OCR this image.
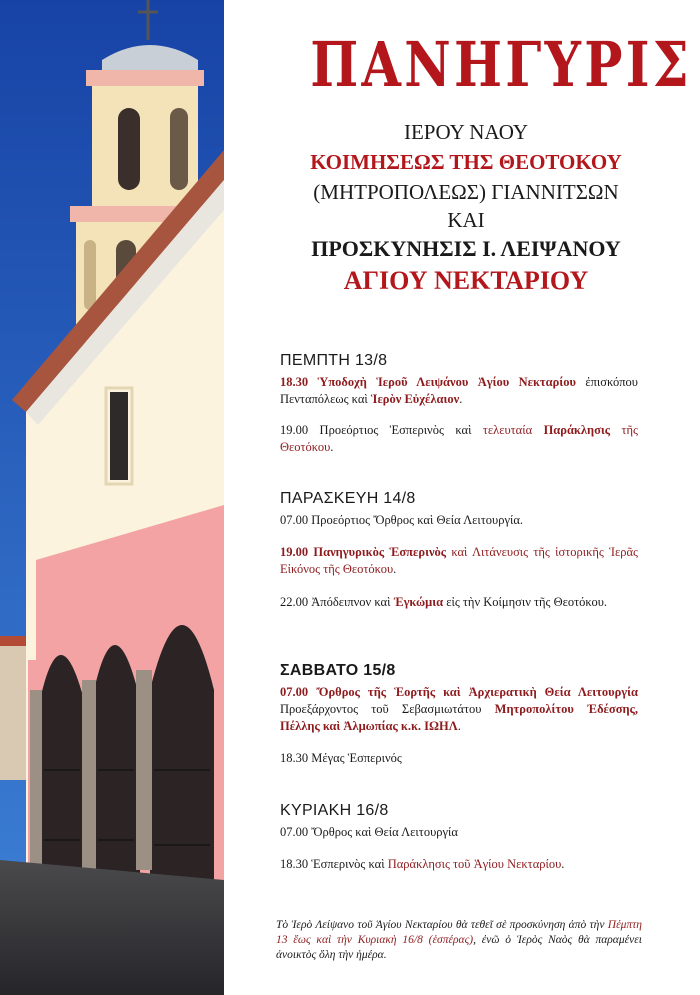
ΠΑΝΗΓΥΡΙΣ
ΙΕΡΟΥ ΝΑΟΥ
ΚΟΙΜΗΣΕΩΣ ΤΗΣ ΘΕΟΤΟΚΟΥ
(ΜΗΤΡΟΠΟΛΕΩΣ) ΓΙΑΝΝΙΤΣΩΝ
ΚΑΙ
ΠΡΟΣΚΥΝΗΣΙΣ Ι. ΛΕΙΨΑΝΟΥ
ΑΓΙΟΥ ΝΕΚΤΑΡΙΟΥ
ΠΕΜΠΤΗ 13/8
18.30 Ὑποδοχὴ Ἱεροῦ Λειψάνου Ἁγίου Νεκταρίου ἐπισκόπου Πενταπόλεως καὶ Ἱερὸν Εὐχέλαιον.
19.00 Προεόρτιος Ἑσπερινὸς καὶ τελευταία Παράκλησις τῆς Θεοτόκου.
ΠΑΡΑΣΚΕΥΗ 14/8
07.00 Προεόρτιος Ὄρθρος καὶ Θεία Λειτουργία.
19.00 Πανηγυρικὸς Ἑσπερινὸς καὶ Λιτάνευσις τῆς ἱστορικῆς Ἱερᾶς Εἰκόνος τῆς Θεοτόκου.
22.00 Ἀπόδειπνον καὶ Ἐγκώμια εἰς τὴν Κοίμησιν τῆς Θεοτόκου.
ΣΑΒΒΑΤΟ 15/8
07.00 Ὄρθρος τῆς Ἑορτῆς καὶ Ἀρχιερατικὴ Θεία Λειτουργία Προεξάρχοντος τοῦ Σεβασμιωτάτου Μητροπολίτου Ἐδέσσης, Πέλλης καὶ Ἀλμωπίας κ.κ. ΙΩΗΛ.
18.30 Μέγας Ἑσπερινός
ΚΥΡΙΑΚΗ 16/8
07.00 Ὄρθρος καὶ Θεία Λειτουργία
18.30 Ἑσπερινὸς καὶ Παράκλησις τοῦ Ἁγίου Νεκταρίου.
Τὸ Ἱερὸ Λείψανο τοῦ Ἁγίου Νεκταρίου θὰ τεθεῖ σὲ προσκύνηση ἀπὸ τὴν Πέμπτη 13 ἕως καὶ τὴν Κυριακὴ 16/8 (ἑσπέρας), ἐνῶ ὁ Ἱερὸς Ναὸς θὰ παραμένει ἀνοικτὸς ὅλη τὴν ἡμέρα.
